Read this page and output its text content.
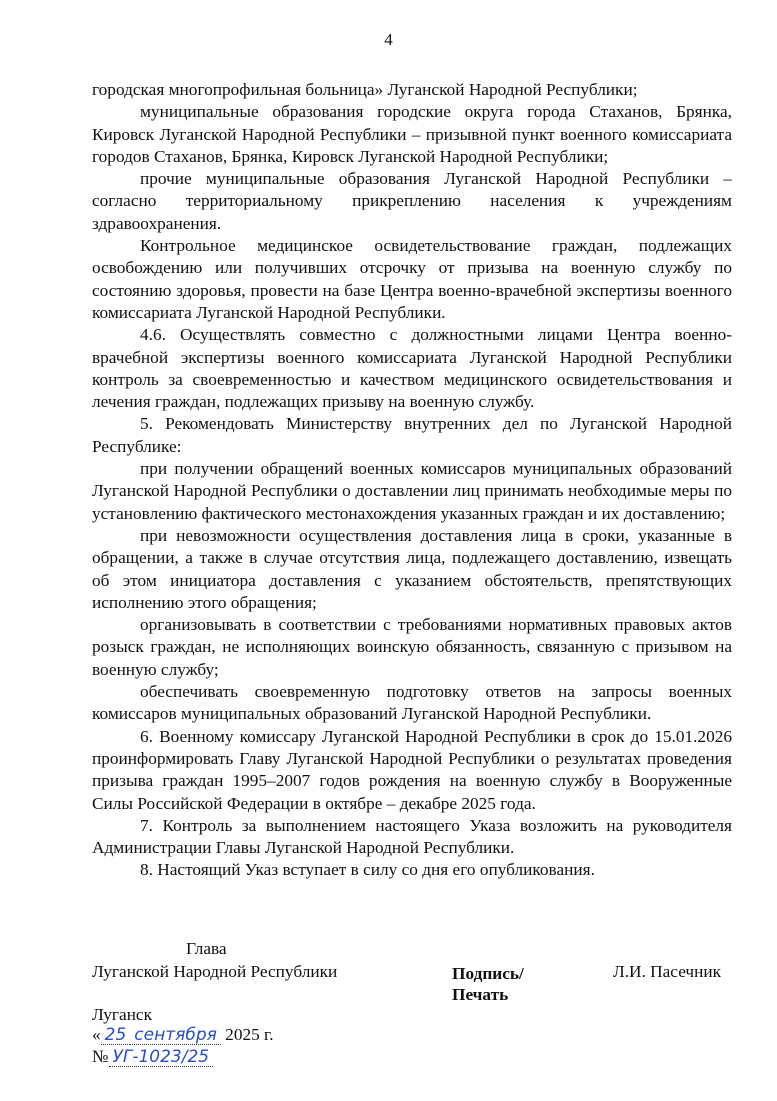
4

городская многопрофильная больница» Луганской Народной Республики;

муниципальные образования городские округа города Стаханов, Брянка, Кировск Луганской Народной Республики – призывной пункт военного комиссариата городов Стаханов, Брянка, Кировск Луганской Народной Республики;

прочие муниципальные образования Луганской Народной Республики – согласно территориальному прикреплению населения к учреждениям здравоохранения.

Контрольное медицинское освидетельствование граждан, подлежащих освобождению или получивших отсрочку от призыва на военную службу по состоянию здоровья, провести на базе Центра военно-врачебной экспертизы военного комиссариата Луганской Народной Республики.

4.6. Осуществлять совместно с должностными лицами Центра военно-врачебной экспертизы военного комиссариата Луганской Народной Республики контроль за своевременностью и качеством медицинского освидетельствования и лечения граждан, подлежащих призыву на военную службу.

5. Рекомендовать Министерству внутренних дел по Луганской Народной Республике:

при получении обращений военных комиссаров муниципальных образований Луганской Народной Республики о доставлении лиц принимать необходимые меры по установлению фактического местонахождения указанных граждан и их доставлению;

при невозможности осуществления доставления лица в сроки, указанные в обращении, а также в случае отсутствия лица, подлежащего доставлению, извещать об этом инициатора доставления с указанием обстоятельств, препятствующих исполнению этого обращения;

организовывать в соответствии с требованиями нормативных правовых актов розыск граждан, не исполняющих воинскую обязанность, связанную с призывом на военную службу;

обеспечивать своевременную подготовку ответов на запросы военных комиссаров муниципальных образований Луганской Народной Республики.

6. Военному комиссару Луганской Народной Республики в срок до 15.01.2026 проинформировать Главу Луганской Народной Республики о результатах проведения призыва граждан 1995–2007 годов рождения на военную службу в Вооруженные Силы Российской Федерации в октябре – декабре 2025 года.

7. Контроль за выполнением настоящего Указа возложить на руководителя Администрации Главы Луганской Народной Республики.

8. Настоящий Указ вступает в силу со дня его опубликования.

Глава
Луганской Народной Республики	Подпись/
Печать
Л.И. Пасечник
Луганск
« 25 сентября 2025 г.
№ УГ-1023/25
